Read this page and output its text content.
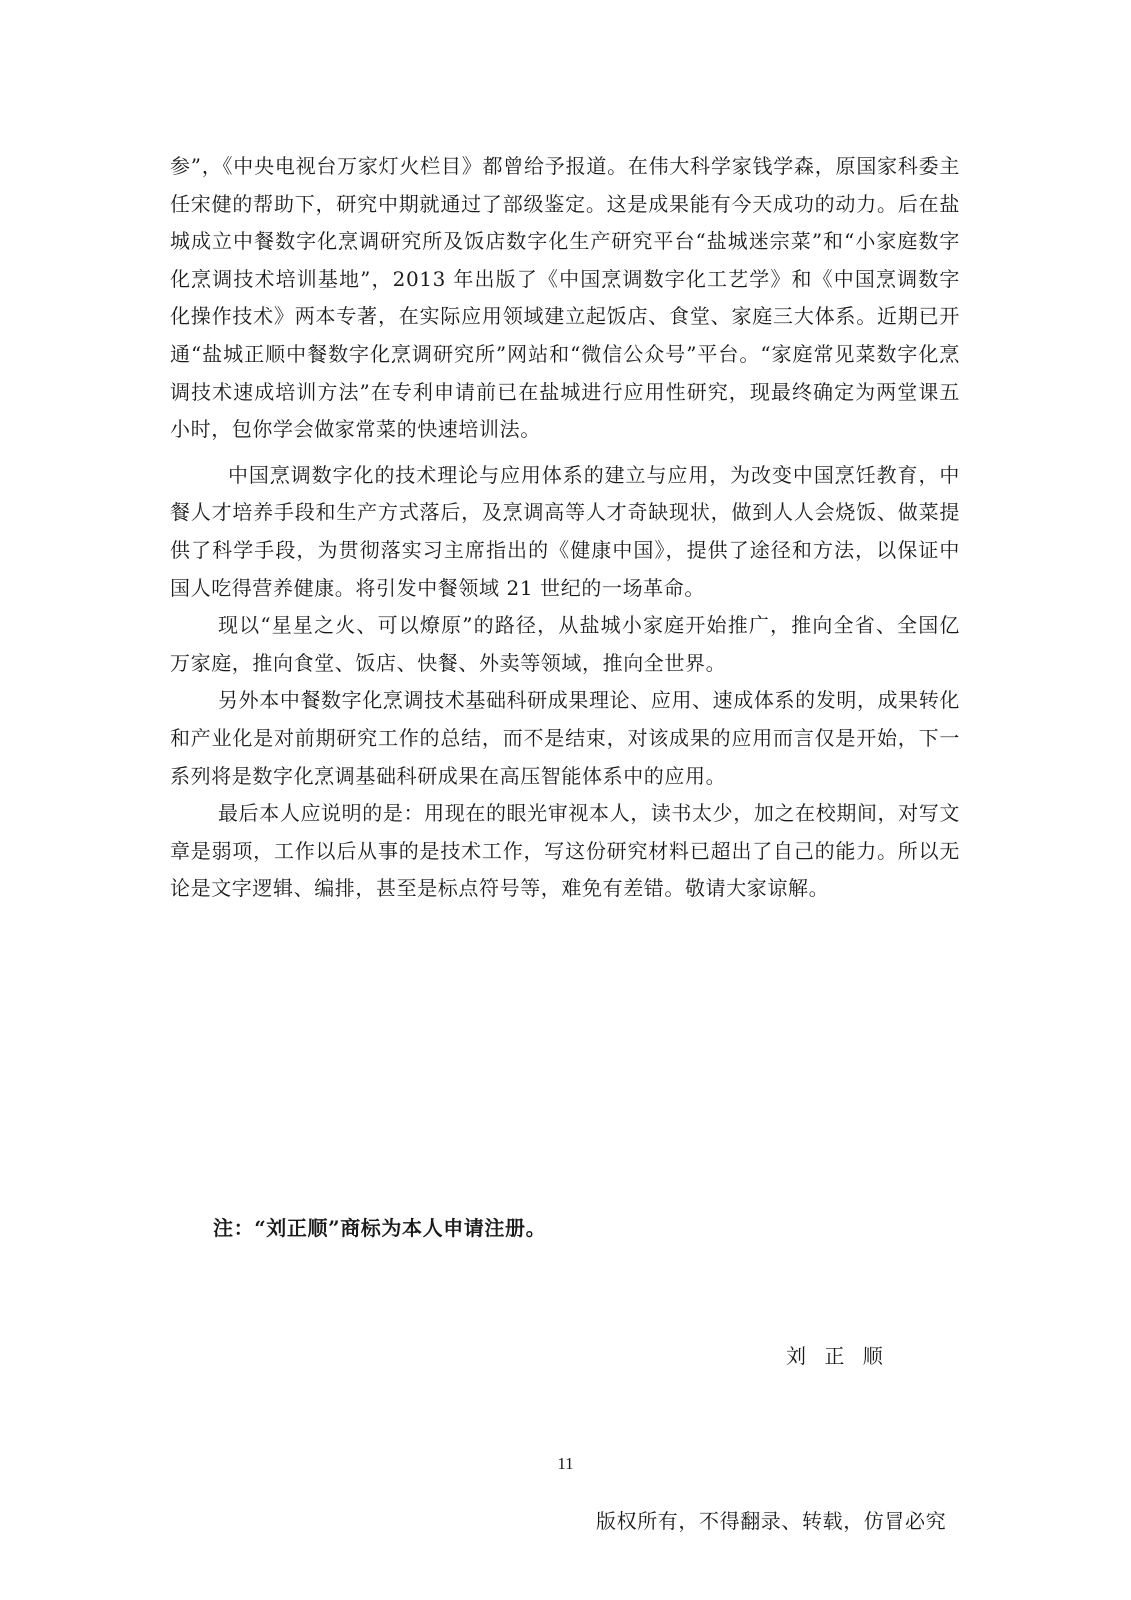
参”，《中央电视台万家灯火栏目》都曾给予报道。在伟大科学家钱学森，原国家科委主任宋健的帮助下，研究中期就通过了部级鉴定。这是成果能有今天成功的动力。后在盐城成立中餐数字化烹调研究所及饭店数字化生产研究平台“盐城迷宗菜”和“小家庭数字化烹调技术培训基地”，2013 年出版了《中国烹调数字化工艺学》和《中国烹调数字化操作技术》两本专著，在实际应用领域建立起饭店、食堂、家庭三大体系。近期已开通“盐城正顺中餐数字化烹调研究所”网站和“微信公众号”平台。“家庭常见菜数字化烹调技术速成培训方法”在专利申请前已在盐城进行应用性研究，现最终确定为两堂课五小时，包你学会做家常菜的快速培训法。

中国烹调数字化的技术理论与应用体系的建立与应用，为改变中国烹饪教育，中餐人才培养手段和生产方式落后，及烹调高等人才奇缺现状，做到人人会烧饭、做菜提供了科学手段，为贯彻落实习主席指出的《健康中国》，提供了途径和方法，以保证中国人吃得营养健康。将引发中餐领域 21 世纪的一场革命。

现以“星星之火、可以燎原”的路径，从盐城小家庭开始推广，推向全省、全国亿万家庭，推向食堂、饭店、快餐、外卖等领域，推向全世界。

另外本中餐数字化烹调技术基础科研成果理论、应用、速成体系的发明，成果转化和产业化是对前期研究工作的总结，而不是结束，对该成果的应用而言仅是开始，下一系列将是数字化烹调基础科研成果在高压智能体系中的应用。

最后本人应说明的是：用现在的眼光审视本人，读书太少，加之在校期间，对写文章是弱项，工作以后从事的是技术工作，写这份研究材料已超出了自己的能力。所以无论是文字逻辑、编排，甚至是标点符号等，难免有差错。敬请大家谅解。

注：“刘正顺”商标为本人申请注册。
刘 正 顺
11
版权所有，不得翻录、转载，仿冒必究
